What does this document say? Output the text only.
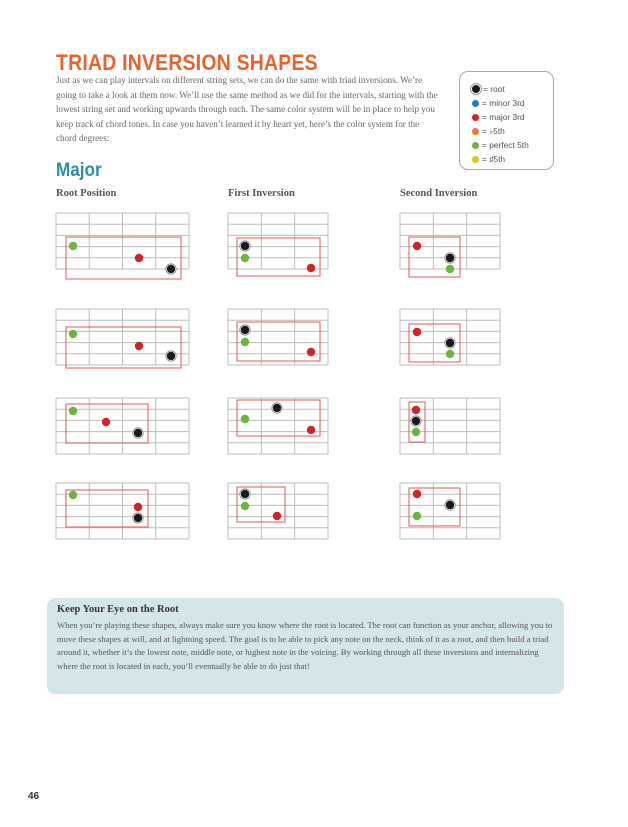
TRIAD INVERSION SHAPES

Just as we can play intervals on different string sets, we can do the same with triad inversions. We’re going to take a look at them now. We’ll use the same method as we did for the intervals, starting with the lowest string set and working upwards through each. The same color system will be in place to help you keep track of chord tones. In case you haven’t learned it by heart yet, here’s the color system for the chord degrees:

= root
= minor 3rd
= major 3rd
= ♭5th
= perfect 5th
= ♯5th
Major
Root Position	First Inversion	Second Inversion
Keep Your Eye on the Root

When you’re playing these shapes, always make sure you know where the root is located. The root can function as your anchor, allowing you to move these shapes at will, and at lightning speed. The goal is to be able to pick any note on the neck, think of it as a root, and then build a triad around it, whether it’s the lowest note, middle note, or highest note in the voicing. By working through all these inversions and internalizing where the root is located in each, you’ll eventually be able to do just that!

46
